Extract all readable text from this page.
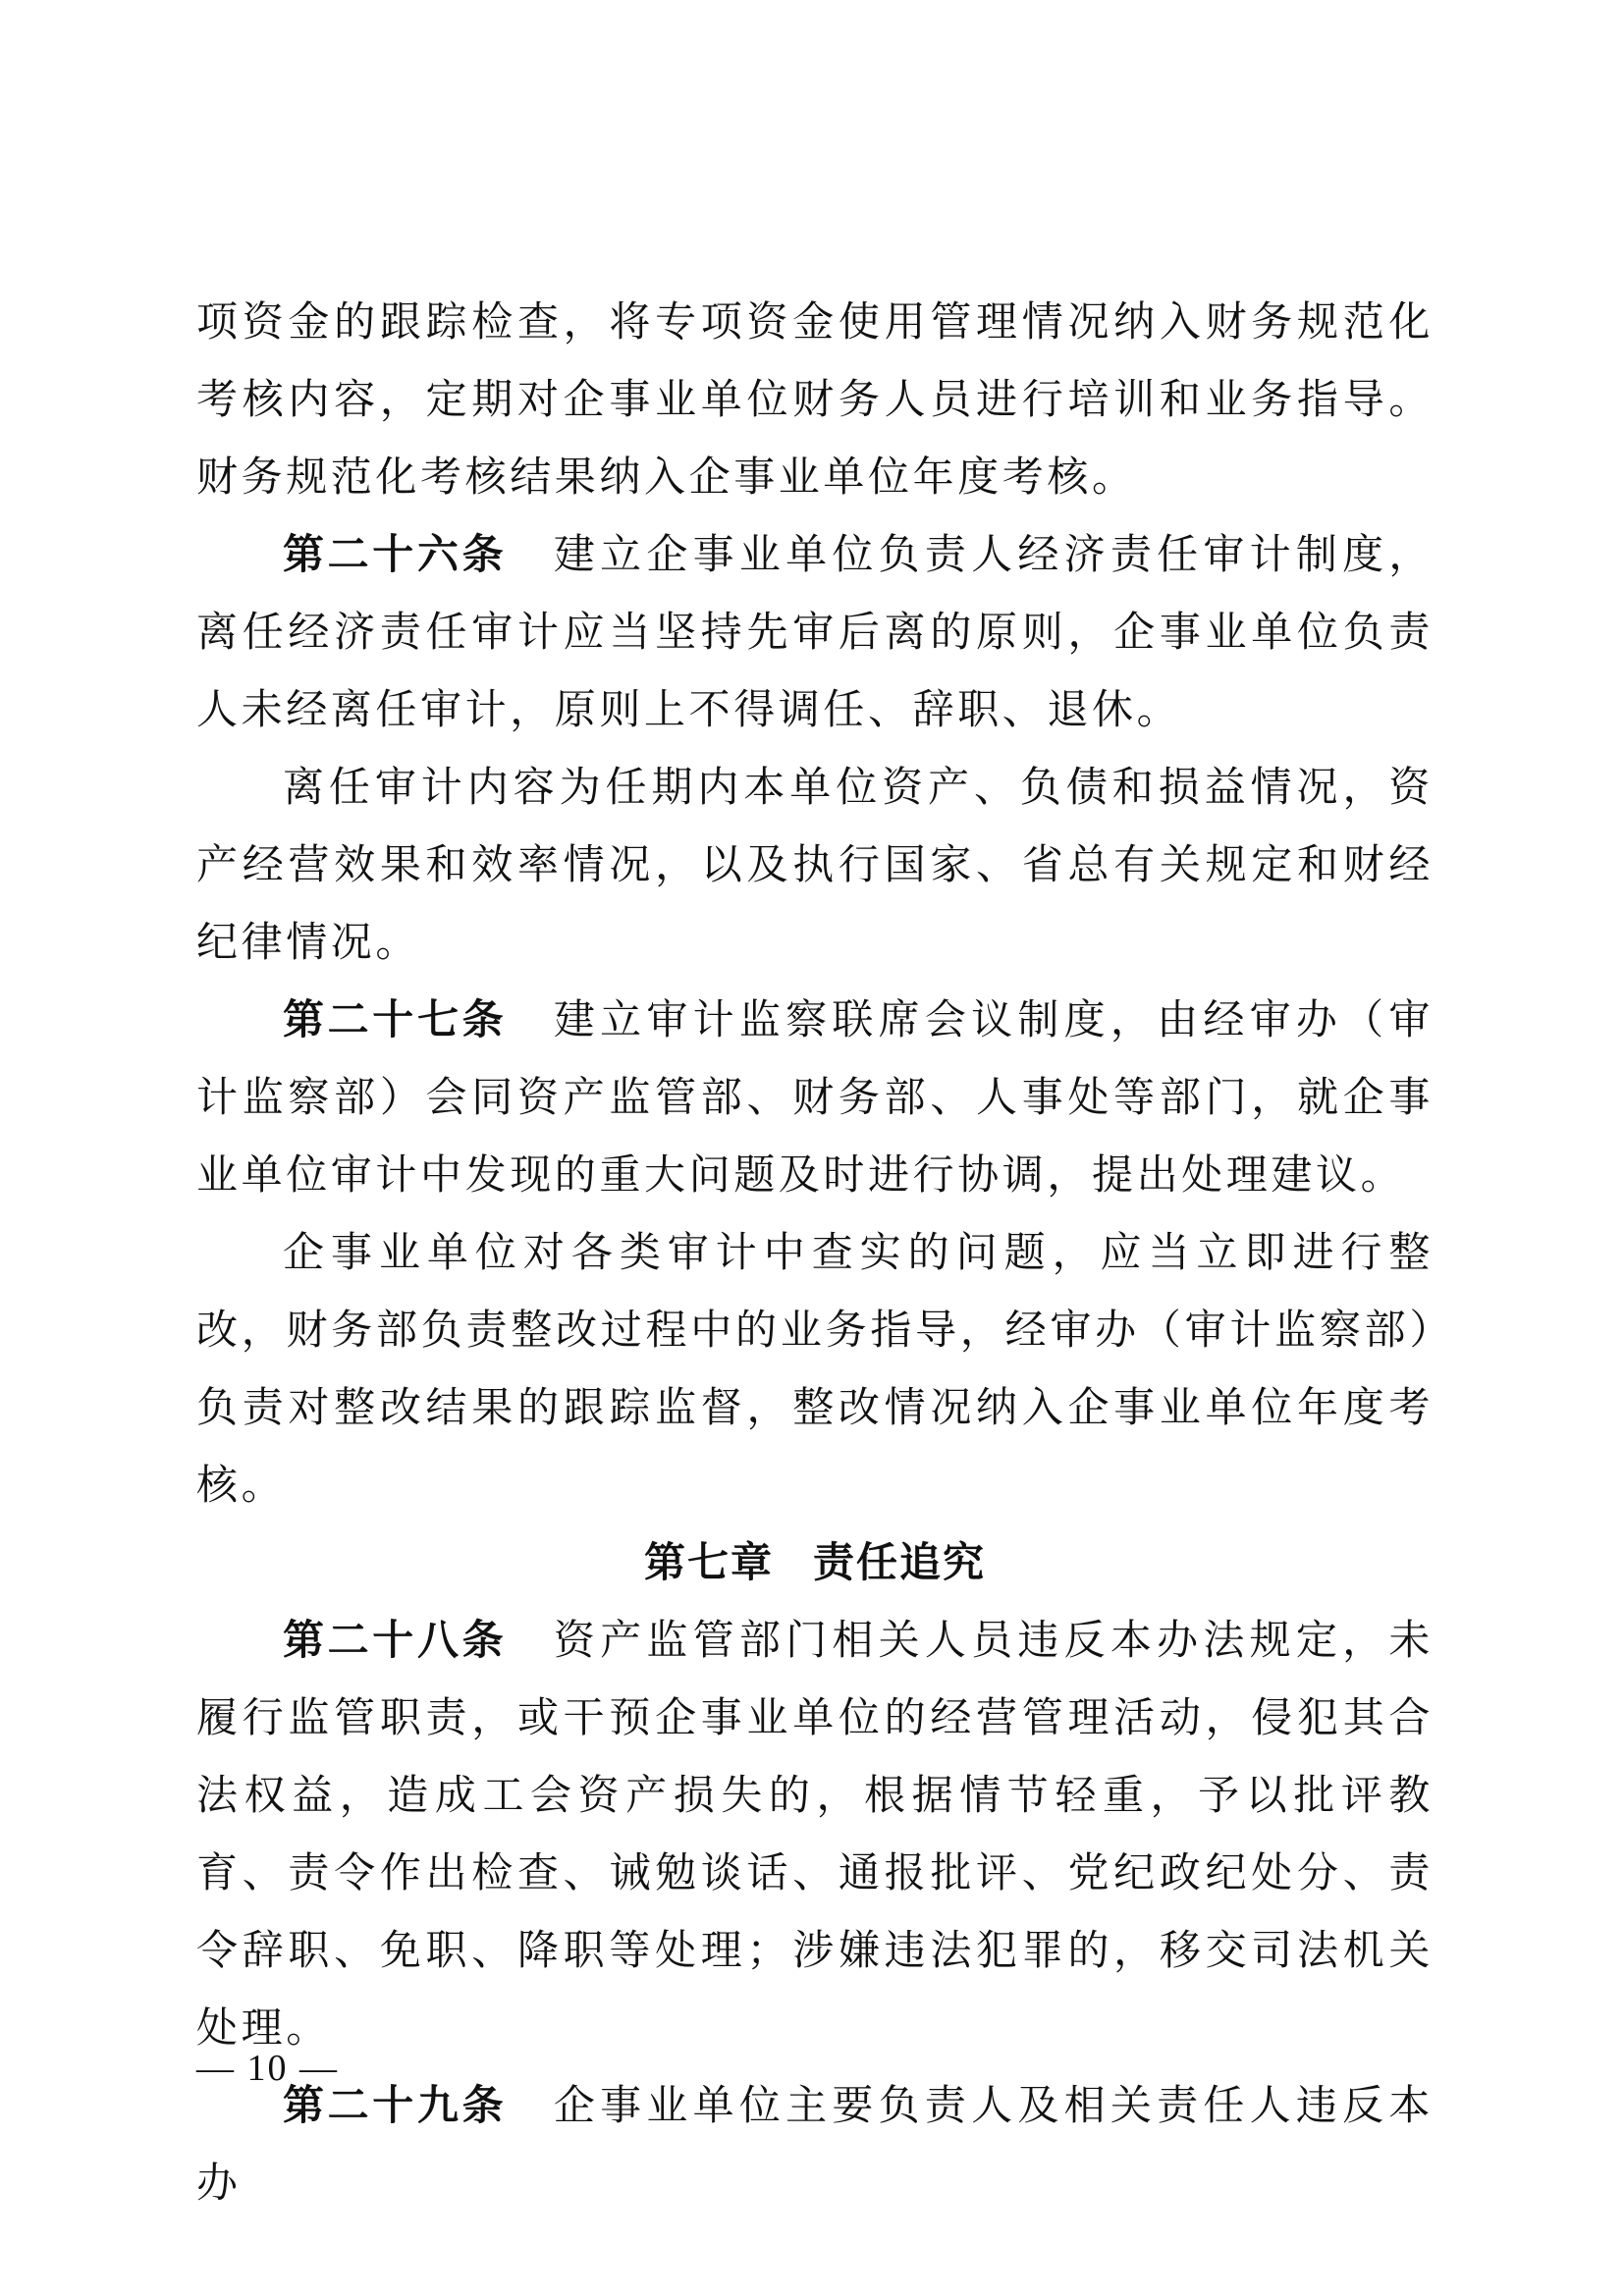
项资金的跟踪检查，将专项资金使用管理情况纳入财务规范化考核内容，定期对企事业单位财务人员进行培训和业务指导。财务规范化考核结果纳入企事业单位年度考核。

第二十六条 建立企事业单位负责人经济责任审计制度，离任经济责任审计应当坚持先审后离的原则，企事业单位负责人未经离任审计，原则上不得调任、辞职、退休。

离任审计内容为任期内本单位资产、负债和损益情况，资产经营效果和效率情况，以及执行国家、省总有关规定和财经纪律情况。

第二十七条 建立审计监察联席会议制度，由经审办（审计监察部）会同资产监管部、财务部、人事处等部门，就企事业单位审计中发现的重大问题及时进行协调，提出处理建议。

企事业单位对各类审计中查实的问题，应当立即进行整改，财务部负责整改过程中的业务指导，经审办（审计监察部）负责对整改结果的跟踪监督，整改情况纳入企事业单位年度考核。

第七章 责任追究

第二十八条 资产监管部门相关人员违反本办法规定，未履行监管职责，或干预企事业单位的经营管理活动，侵犯其合法权益，造成工会资产损失的，根据情节轻重，予以批评教育、责令作出检查、诫勉谈话、通报批评、党纪政纪处分、责令辞职、免职、降职等处理；涉嫌违法犯罪的，移交司法机关处理。

第二十九条 企事业单位主要负责人及相关责任人违反本办

— 10 —
